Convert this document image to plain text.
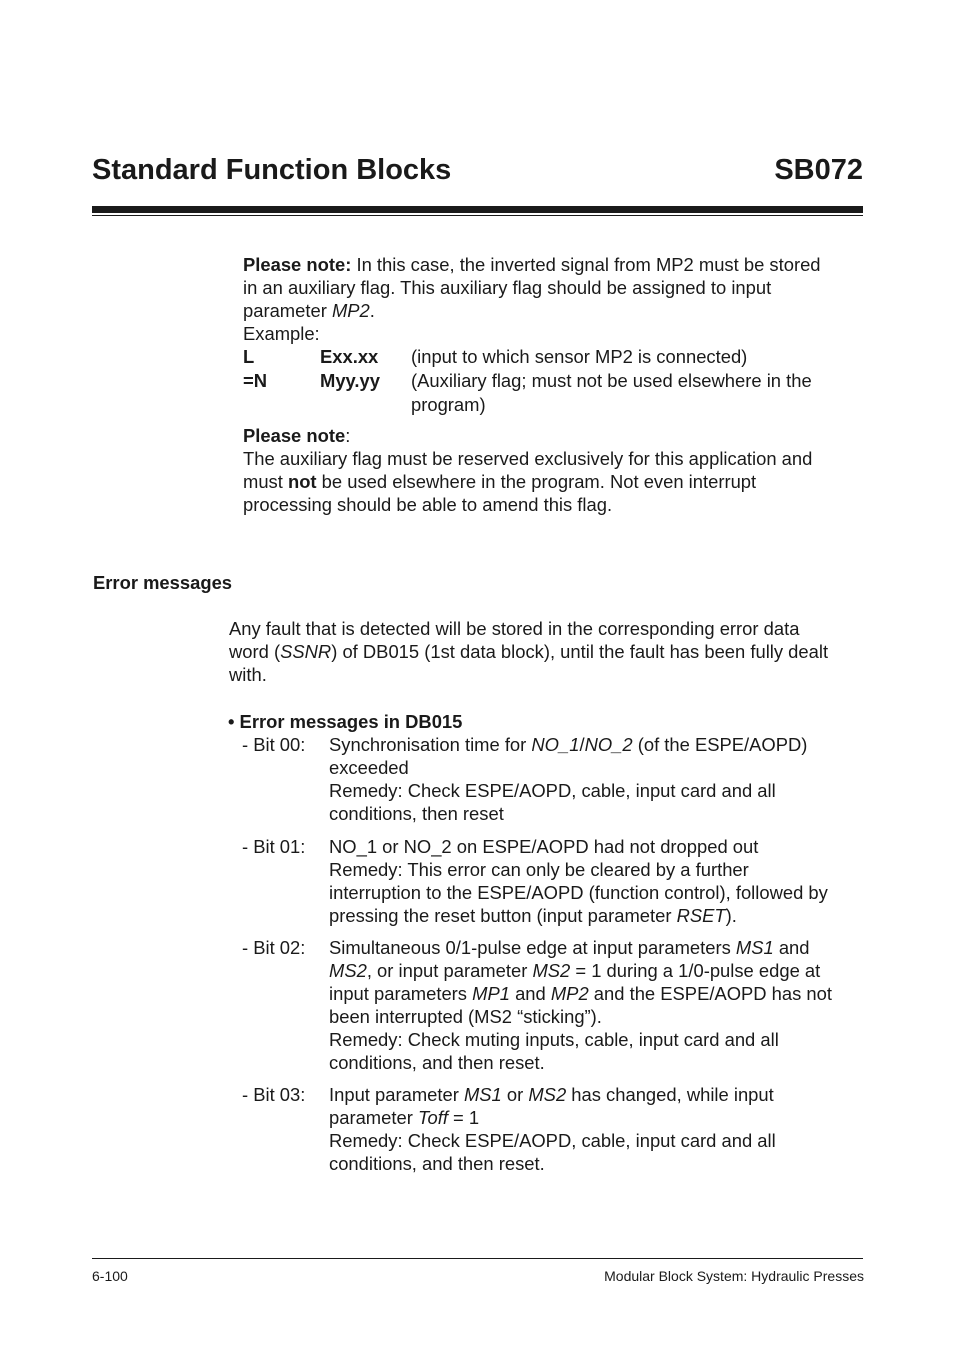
Standard Function Blocks	SB072
Please note: In this case, the inverted signal from MP2 must be stored
in an auxiliary flag. This auxiliary flag should be assigned to input
parameter MP2.
Example:
L	Exx.xx (input to which sensor MP2 is connected)
=N	Myy.yy (Auxiliary flag; must not be used elsewhere in the
program)
Please note:
The auxiliary flag must be reserved exclusively for this application and
must not be used elsewhere in the program. Not even interrupt
processing should be able to amend this flag.
Error messages
Any fault that is detected will be stored in the corresponding error data
word (SSNR) of DB015 (1st data block), until the fault has been fully dealt
with.
• Error messages in DB015
- Bit 00: Synchronisation time for NO_1/NO_2 (of the ESPE/AOPD)
exceeded
Remedy: Check ESPE/AOPD, cable, input card and all
conditions, then reset
- Bit 01: NO_1 or NO_2 on ESPE/AOPD had not dropped out
Remedy: This error can only be cleared by a further
interruption to the ESPE/AOPD (function control), followed by
pressing the reset button (input parameter RSET).
- Bit 02: Simultaneous 0/1-pulse edge at input parameters MS1 and
MS2, or input parameter MS2 = 1 during a 1/0-pulse edge at
input parameters MP1 and MP2 and the ESPE/AOPD has not
been interrupted (MS2 “sticking”).
Remedy: Check muting inputs, cable, input card and all
conditions, and then reset.
- Bit 03: Input parameter MS1 or MS2 has changed, while input
parameter Toff = 1
Remedy: Check ESPE/AOPD, cable, input card and all
conditions, and then reset.
6-100	Modular Block System: Hydraulic Presses
